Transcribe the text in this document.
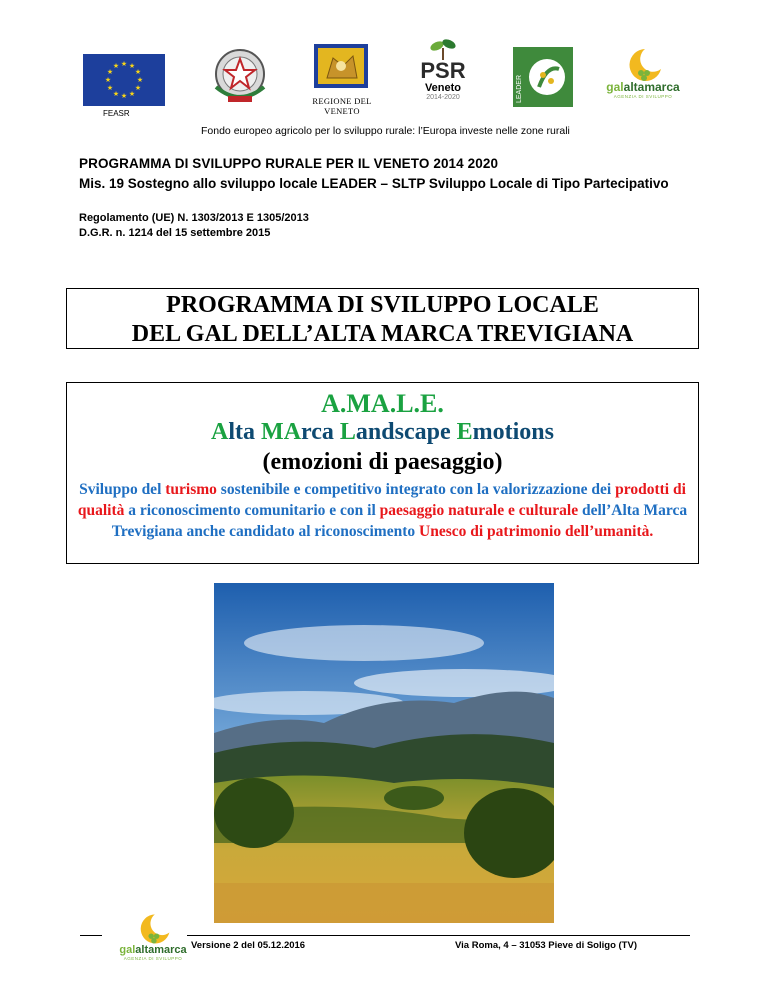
★ ★
★
★
★
★
★
★
★
★
★
★
FEASR
REGIONE DEL VENETO
PSR
Veneto
2014-2020	LEADER	galaltamarca
AGENZIA DI SVILUPPO
Fondo europeo agricolo per lo sviluppo rurale: l’Europa investe nelle zone rurali
PROGRAMMA DI SVILUPPO RURALE PER IL VENETO 2014 2020
Mis. 19 Sostegno allo sviluppo locale LEADER – SLTP Sviluppo Locale di Tipo Partecipativo
Regolamento (UE) N. 1303/2013 E 1305/2013
D.G.R. n. 1214 del 15 settembre 2015
PROGRAMMA DI SVILUPPO LOCALE
DEL GAL DELL’ALTA MARCA TREVIGIANA
A.MA.L.E.
Alta MArca Landscape Emotions
(emozioni di paesaggio)
Sviluppo del turismo sostenibile e competitivo integrato con la valorizzazione dei prodotti di qualità a riconoscimento comunitario e con il paesaggio naturale e culturale dell’Alta Marca Trevigiana anche candidato al riconoscimento Unesco di patrimonio dell’umanità.
galaltamarca
AGENZIA DI SVILUPPO
Versione 2 del 05.12.2016	Via Roma, 4 – 31053 Pieve di Soligo (TV)
